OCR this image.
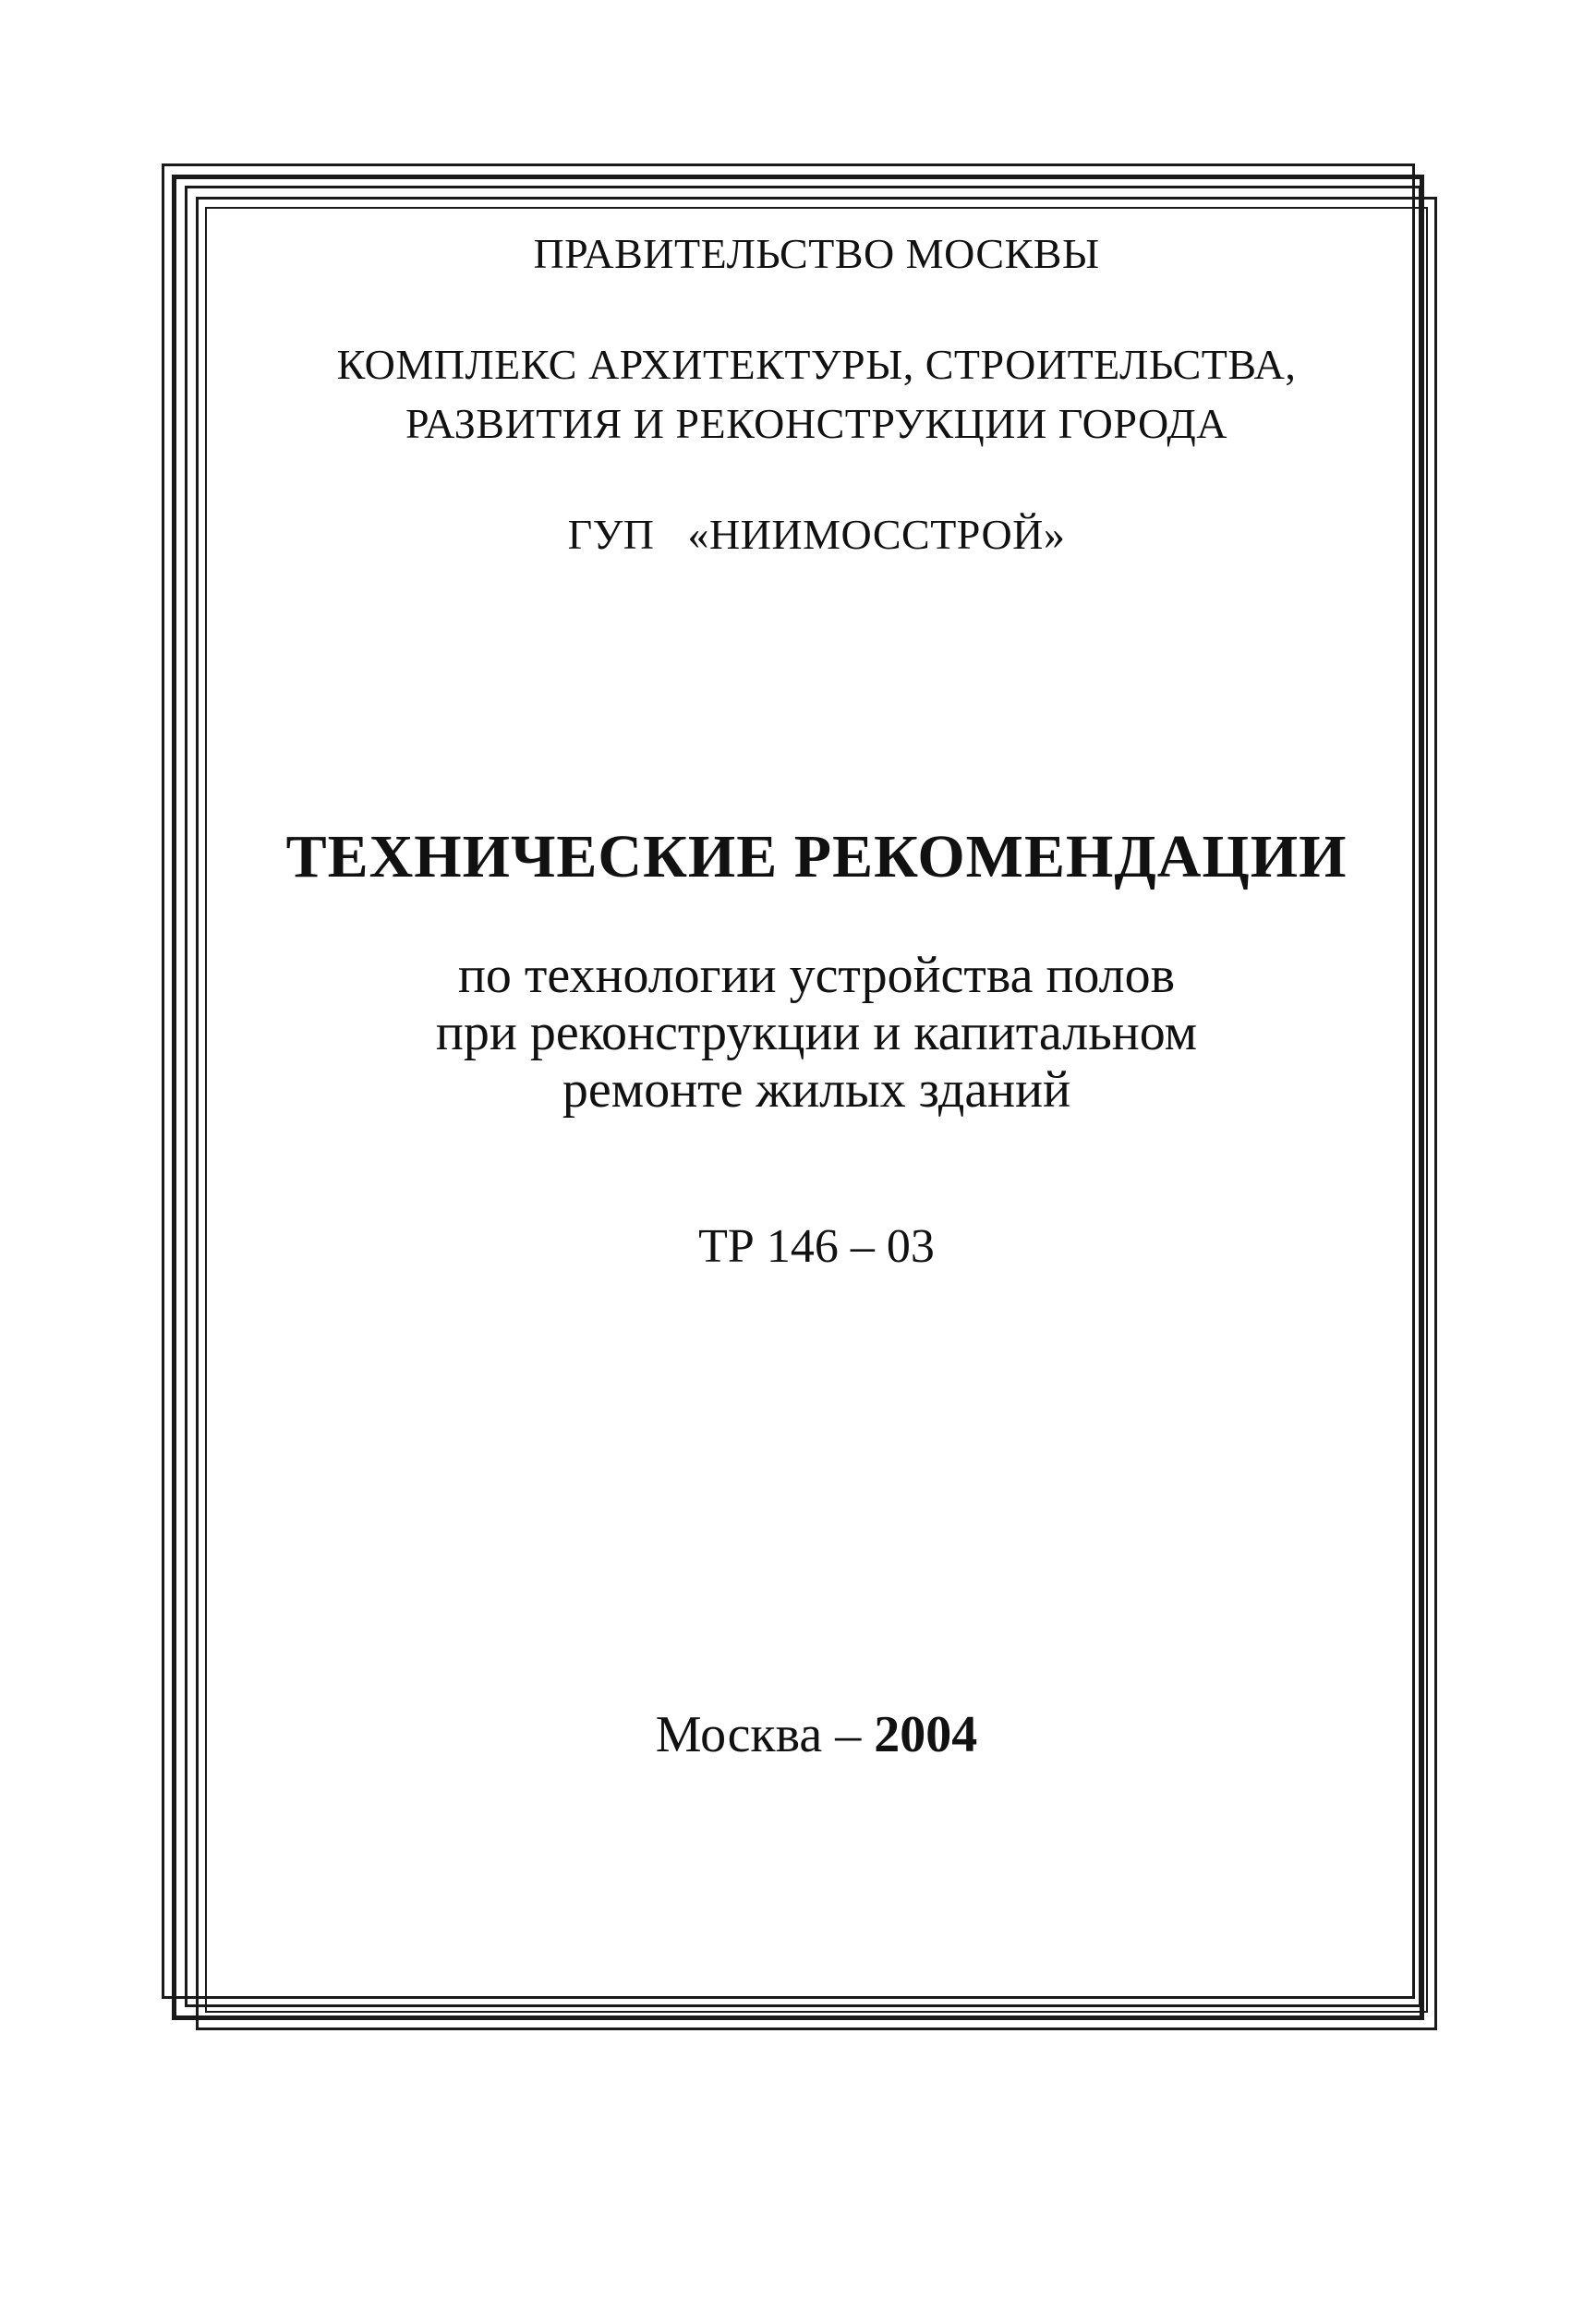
ПРАВИТЕЛЬСТВО МОСКВЫ
КОМПЛЕКС АРХИТЕКТУРЫ, СТРОИТЕЛЬСТВА,
РАЗВИТИЯ И РЕКОНСТРУКЦИИ ГОРОДА
ГУП   «НИИМОССТРОЙ»
ТЕХНИЧЕСКИЕ РЕКОМЕНДАЦИИ
по технологии устройства полов
при реконструкции и капитальном
ремонте жилых зданий
ТР 146 – 03
Москва – 2004
